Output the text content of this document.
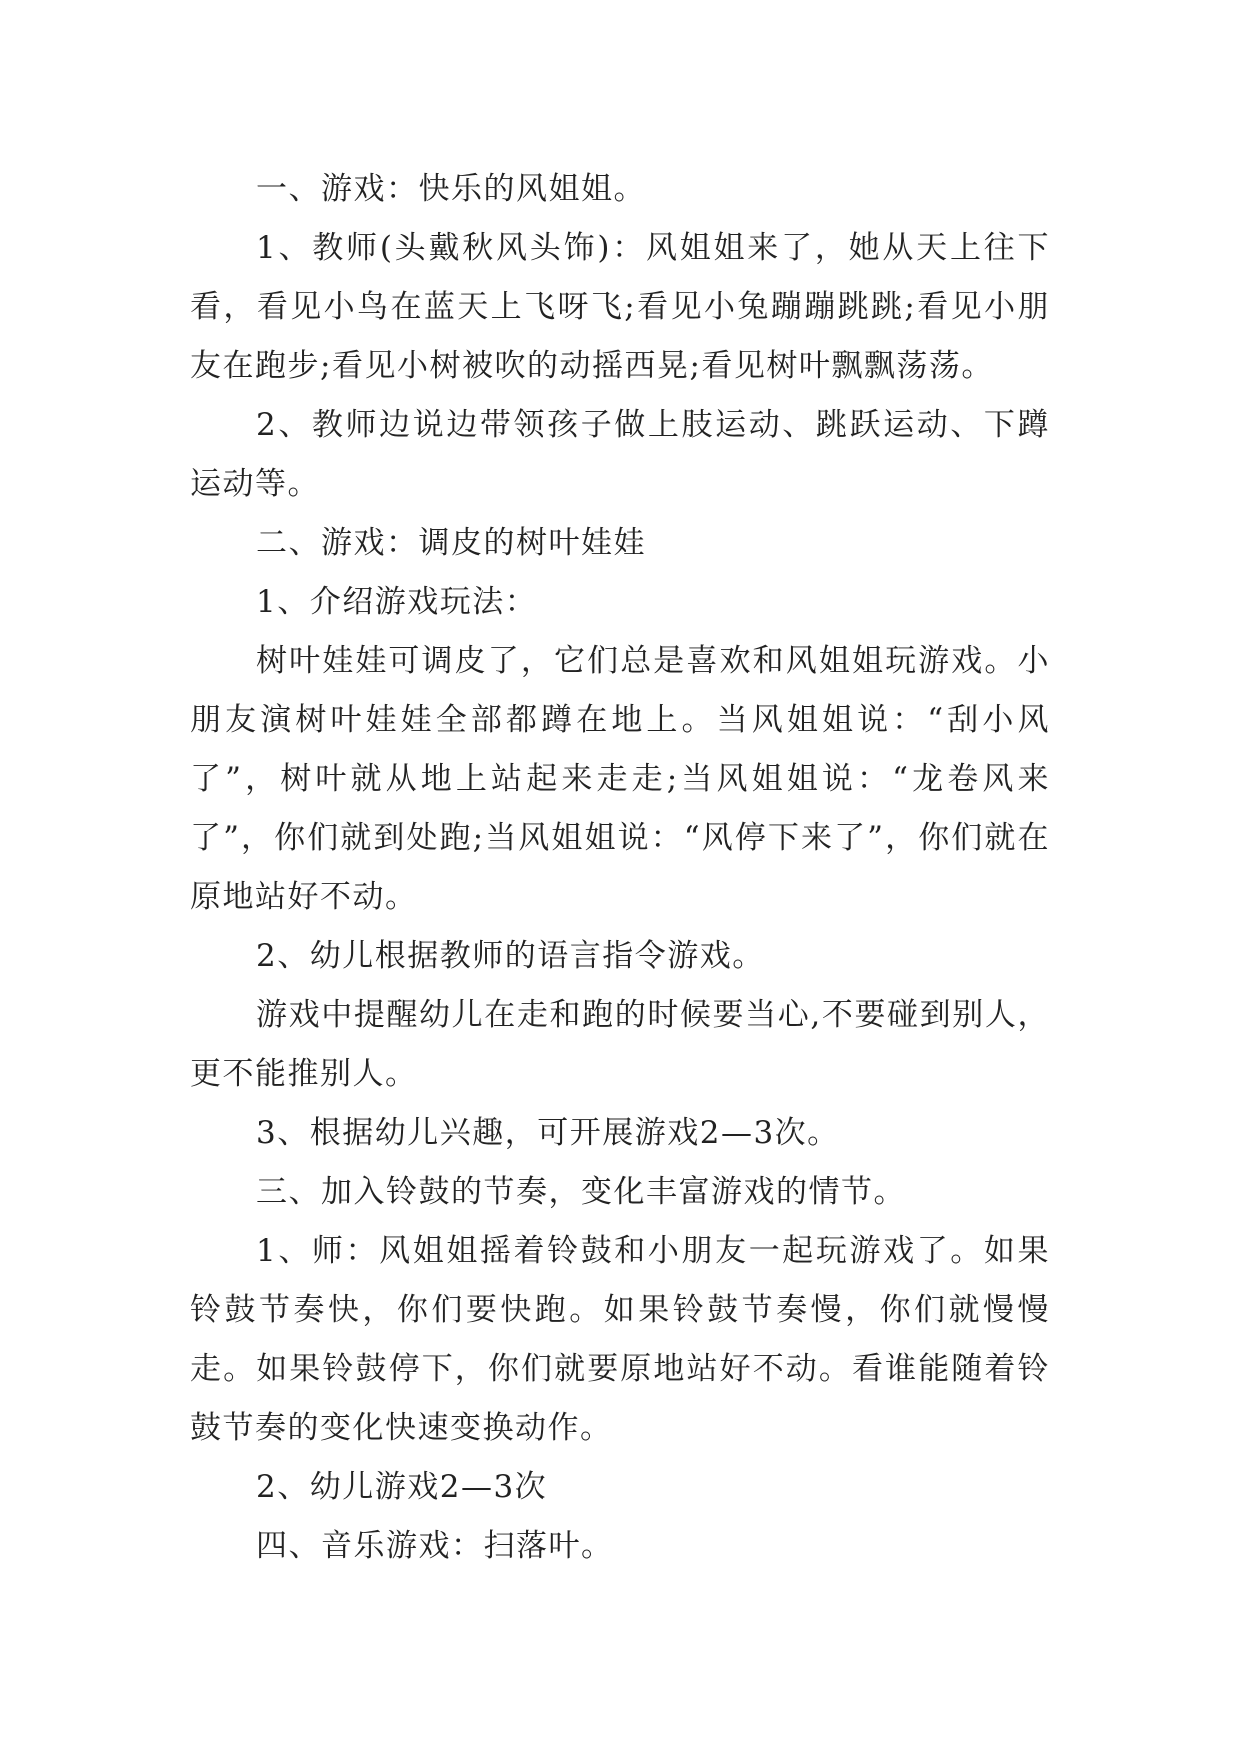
一、游戏：快乐的风姐姐。

1、教师(头戴秋风头饰)：风姐姐来了，她从天上往下看，看见小鸟在蓝天上飞呀飞;看见小兔蹦蹦跳跳;看见小朋友在跑步;看见小树被吹的动摇西晃;看见树叶飘飘荡荡。

2、教师边说边带领孩子做上肢运动、跳跃运动、下蹲运动等。

二、游戏：调皮的树叶娃娃

1、介绍游戏玩法：

树叶娃娃可调皮了，它们总是喜欢和风姐姐玩游戏。小朋友演树叶娃娃全部都蹲在地上。当风姐姐说：“刮小风了”，树叶就从地上站起来走走;当风姐姐说：“龙卷风来了”，你们就到处跑;当风姐姐说：“风停下来了”，你们就在原地站好不动。

2、幼儿根据教师的语言指令游戏。

游戏中提醒幼儿在走和跑的时候要当心,不要碰到别人，更不能推别人。

3、根据幼儿兴趣，可开展游戏2—3次。

三、加入铃鼓的节奏，变化丰富游戏的情节。

1、师：风姐姐摇着铃鼓和小朋友一起玩游戏了。如果铃鼓节奏快，你们要快跑。如果铃鼓节奏慢，你们就慢慢走。如果铃鼓停下，你们就要原地站好不动。看谁能随着铃鼓节奏的变化快速变换动作。

2、幼儿游戏2—3次

四、音乐游戏：扫落叶。
